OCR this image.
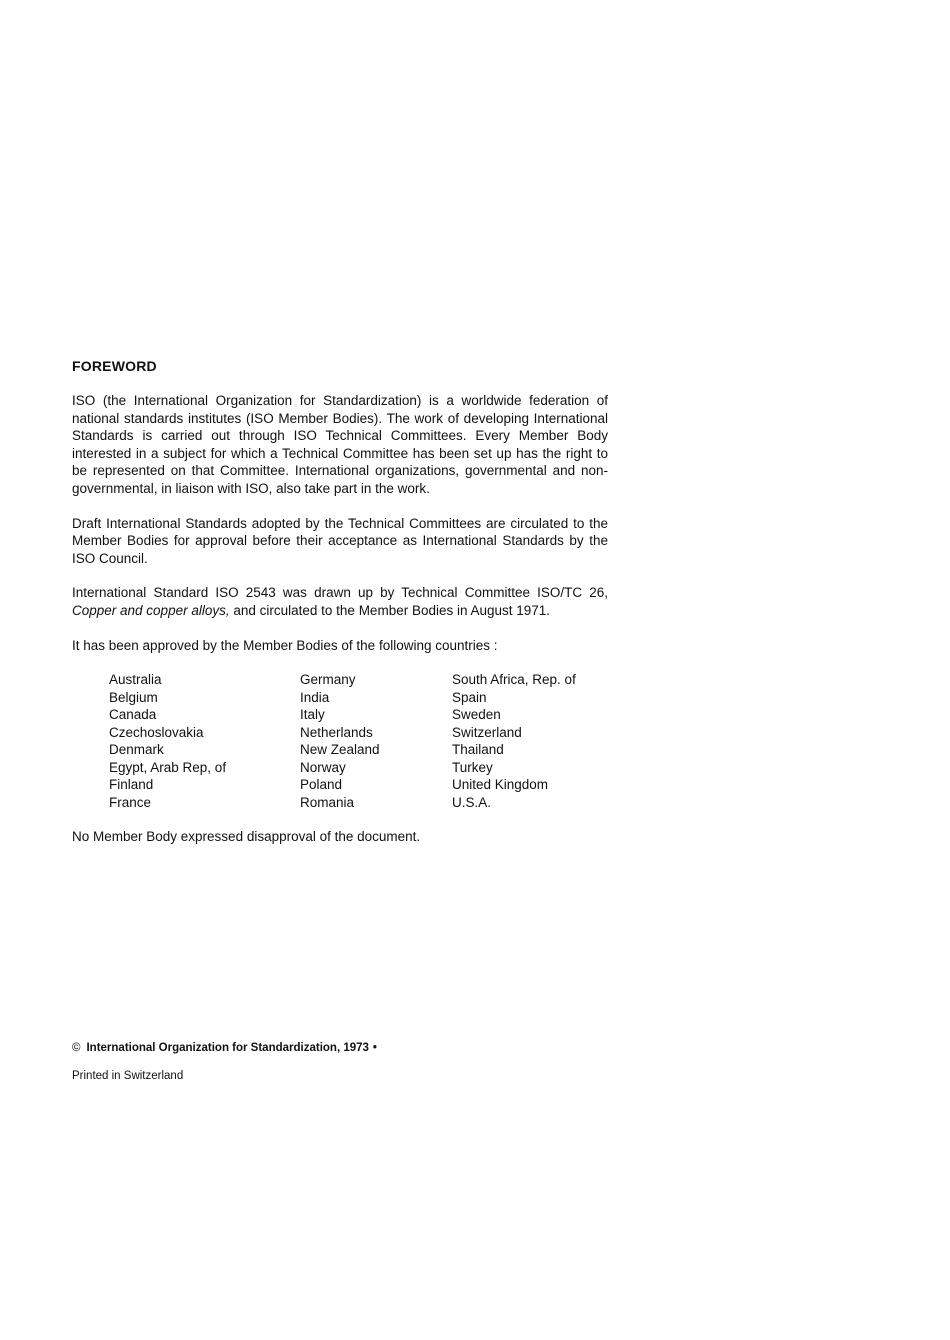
FOREWORD

ISO (the International Organization for Standardization) is a worldwide federation of national standards institutes (ISO Member Bodies). The work of developing International Standards is carried out through ISO Technical Committees. Every Member Body interested in a subject for which a Technical Committee has been set up has the right to be represented on that Committee. International organizations, governmental and non-governmental, in liaison with ISO, also take part in the work.

Draft International Standards adopted by the Technical Committees are circulated to the Member Bodies for approval before their acceptance as International Standards by the ISO Council.

International Standard ISO 2543 was drawn up by Technical Committee ISO/TC 26, Copper and copper alloys, and circulated to the Member Bodies in August 1971.

It has been approved by the Member Bodies of the following countries :

Australia
Belgium
Canada
Czechoslovakia
Denmark
Egypt, Arab Rep, of
Finland
France
Germany
India
Italy
Netherlands
New Zealand
Norway
Poland
Romania
South Africa, Rep. of
Spain
Sweden
Switzerland
Thailand
Turkey
United Kingdom
U.S.A.

No Member Body expressed disapproval of the document.

© International Organization for Standardization, 1973 •
Printed in Switzerland
